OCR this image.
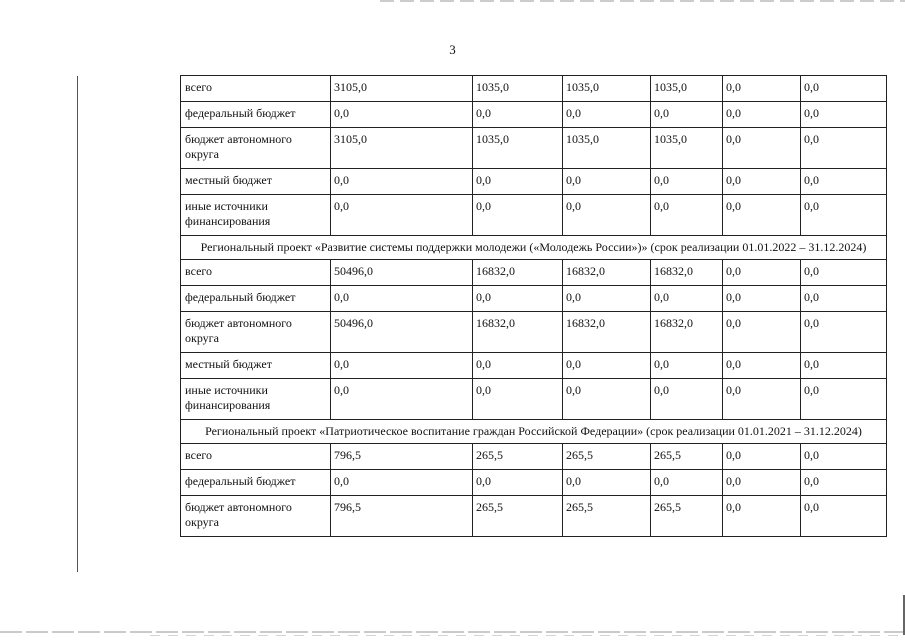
3
всего	3105,0	1035,0	1035,0	1035,0	0,0	0,0
федеральный бюджет	0,0	0,0	0,0	0,0	0,0	0,0
бюджет автономного округа	3105,0	1035,0	1035,0	1035,0	0,0	0,0
местный бюджет	0,0	0,0	0,0	0,0	0,0	0,0
иные источники финансирования	0,0	0,0	0,0	0,0	0,0	0,0
Региональный проект «Развитие системы поддержки молодежи («Молодежь России»)» (срок реализации 01.01.2022 – 31.12.2024)						
всего	50496,0	16832,0	16832,0	16832,0	0,0	0,0
федеральный бюджет	0,0	0,0	0,0	0,0	0,0	0,0
бюджет автономного округа	50496,0	16832,0	16832,0	16832,0	0,0	0,0
местный бюджет	0,0	0,0	0,0	0,0	0,0	0,0
иные источники финансирования	0,0	0,0	0,0	0,0	0,0	0,0
Региональный проект «Патриотическое воспитание граждан Российской Федерации» (срок реализации 01.01.2021 – 31.12.2024)						
всего	796,5	265,5	265,5	265,5	0,0	0,0
федеральный бюджет	0,0	0,0	0,0	0,0	0,0	0,0
бюджет автономного округа	796,5	265,5	265,5	265,5	0,0	0,0
